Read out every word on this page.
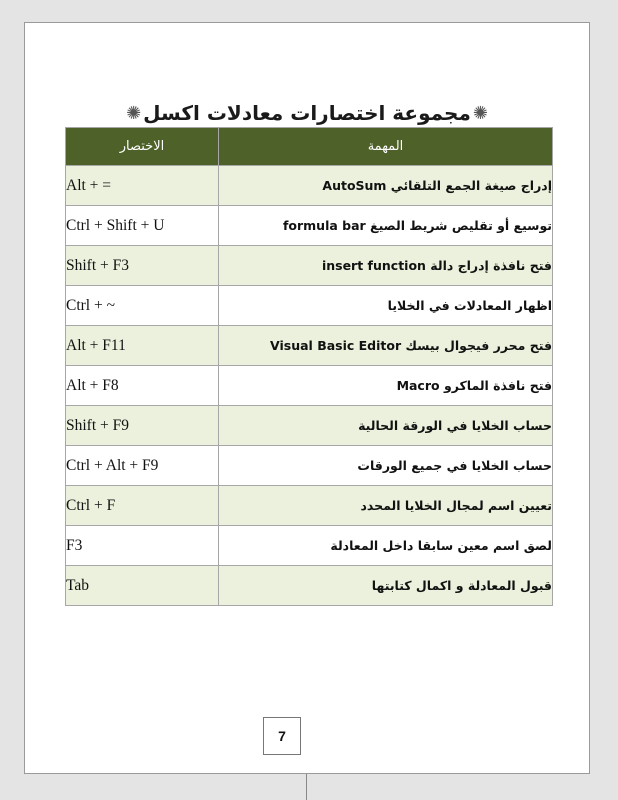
✺
مجموعة اختصارات معادلات اكسل
✺
الاختصار	المهمة
Alt + =	إدراج صيغة الجمع التلقائي AutoSum
Ctrl + Shift + U	توسيع أو تقليص شريط الصيغ formula bar
Shift + F3	فتح نافذة إدراج دالة insert function
Ctrl + ~	اظهار المعادلات في الخلايا
Alt + F11	فتح محرر فيجوال بيسك Visual Basic Editor
Alt + F8	فتح نافذة الماكرو Macro
Shift + F9	حساب الخلايا في الورقة الحالية
Ctrl + Alt + F9	حساب الخلايا في جميع الورقات
Ctrl + F	تعيين اسم لمجال الخلايا المحدد
F3	لصق اسم معين سابقا داخل المعادلة
Tab	قبول المعادلة و اكمال كتابتها
7
